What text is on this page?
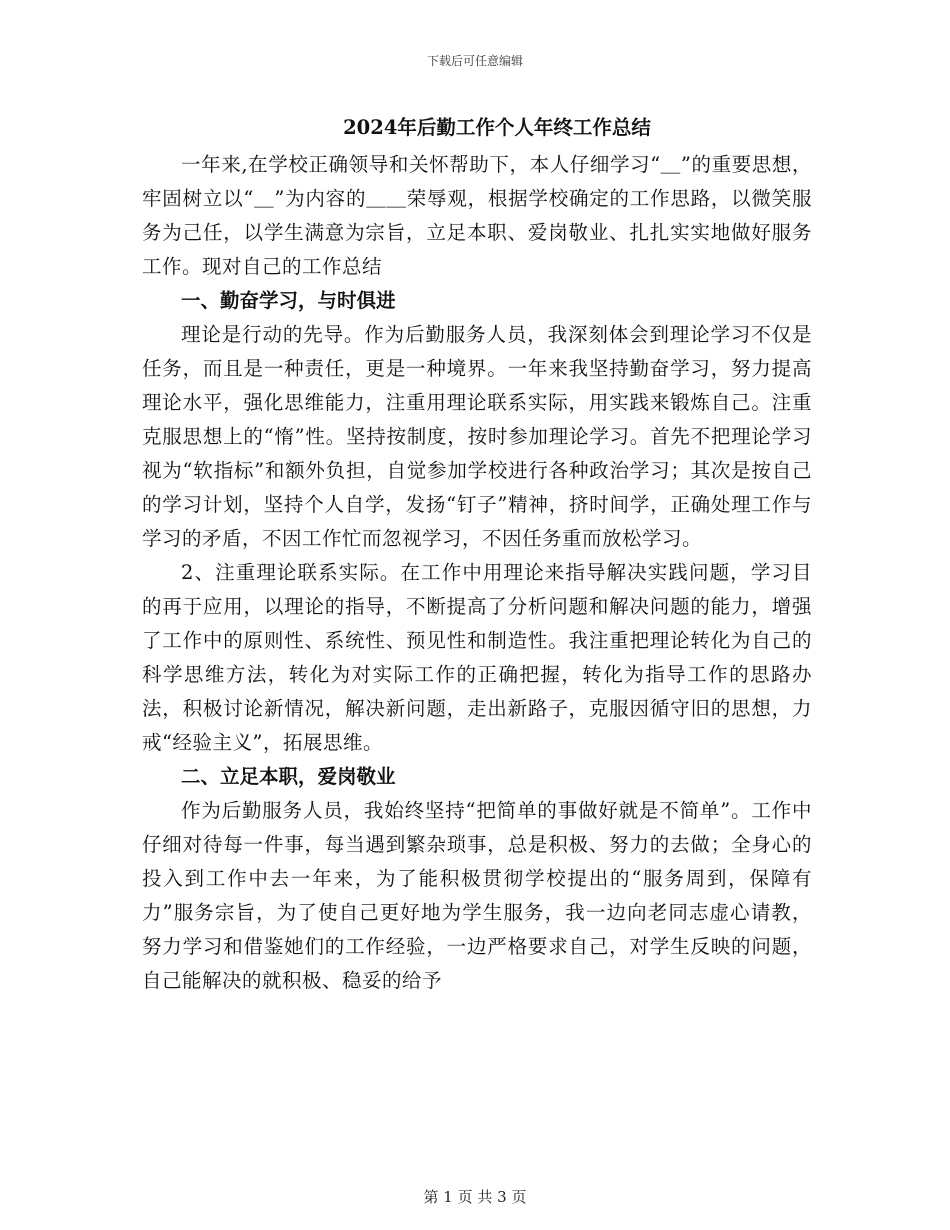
下载后可任意编辑
2024年后勤工作个人年终工作总结

一年来,在学校正确领导和关怀帮助下，本人仔细学习“＿”的重要思想，牢固树立以“＿”为内容的＿＿荣辱观，根据学校确定的工作思路，以微笑服务为己任，以学生满意为宗旨，立足本职、爱岗敬业、扎扎实实地做好服务工作。现对自己的工作总结

一、勤奋学习，与时俱进

理论是行动的先导。作为后勤服务人员，我深刻体会到理论学习不仅是任务，而且是一种责任，更是一种境界。一年来我坚持勤奋学习，努力提高理论水平，强化思维能力，注重用理论联系实际，用实践来锻炼自己。注重克服思想上的“惰”性。坚持按制度，按时参加理论学习。首先不把理论学习视为“软指标”和额外负担，自觉参加学校进行各种政治学习；其次是按自己的学习计划，坚持个人自学，发扬“钉子”精神，挤时间学，正确处理工作与学习的矛盾，不因工作忙而忽视学习，不因任务重而放松学习。

2、注重理论联系实际。在工作中用理论来指导解决实践问题，学习目的再于应用，以理论的指导，不断提高了分析问题和解决问题的能力，增强了工作中的原则性、系统性、预见性和制造性。我注重把理论转化为自己的科学思维方法，转化为对实际工作的正确把握，转化为指导工作的思路办法，积极讨论新情况，解决新问题，走出新路子，克服因循守旧的思想，力戒“经验主义”，拓展思维。

二、立足本职，爱岗敬业

作为后勤服务人员，我始终坚持“把简单的事做好就是不简单”。工作中仔细对待每一件事，每当遇到繁杂琐事，总是积极、努力的去做；全身心的投入到工作中去一年来，为了能积极贯彻学校提出的“服务周到，保障有力”服务宗旨，为了使自己更好地为学生服务，我一边向老同志虚心请教，努力学习和借鉴她们的工作经验，一边严格要求自己，对学生反映的问题，自己能解决的就积极、稳妥的给予

第 1 页 共 3 页
